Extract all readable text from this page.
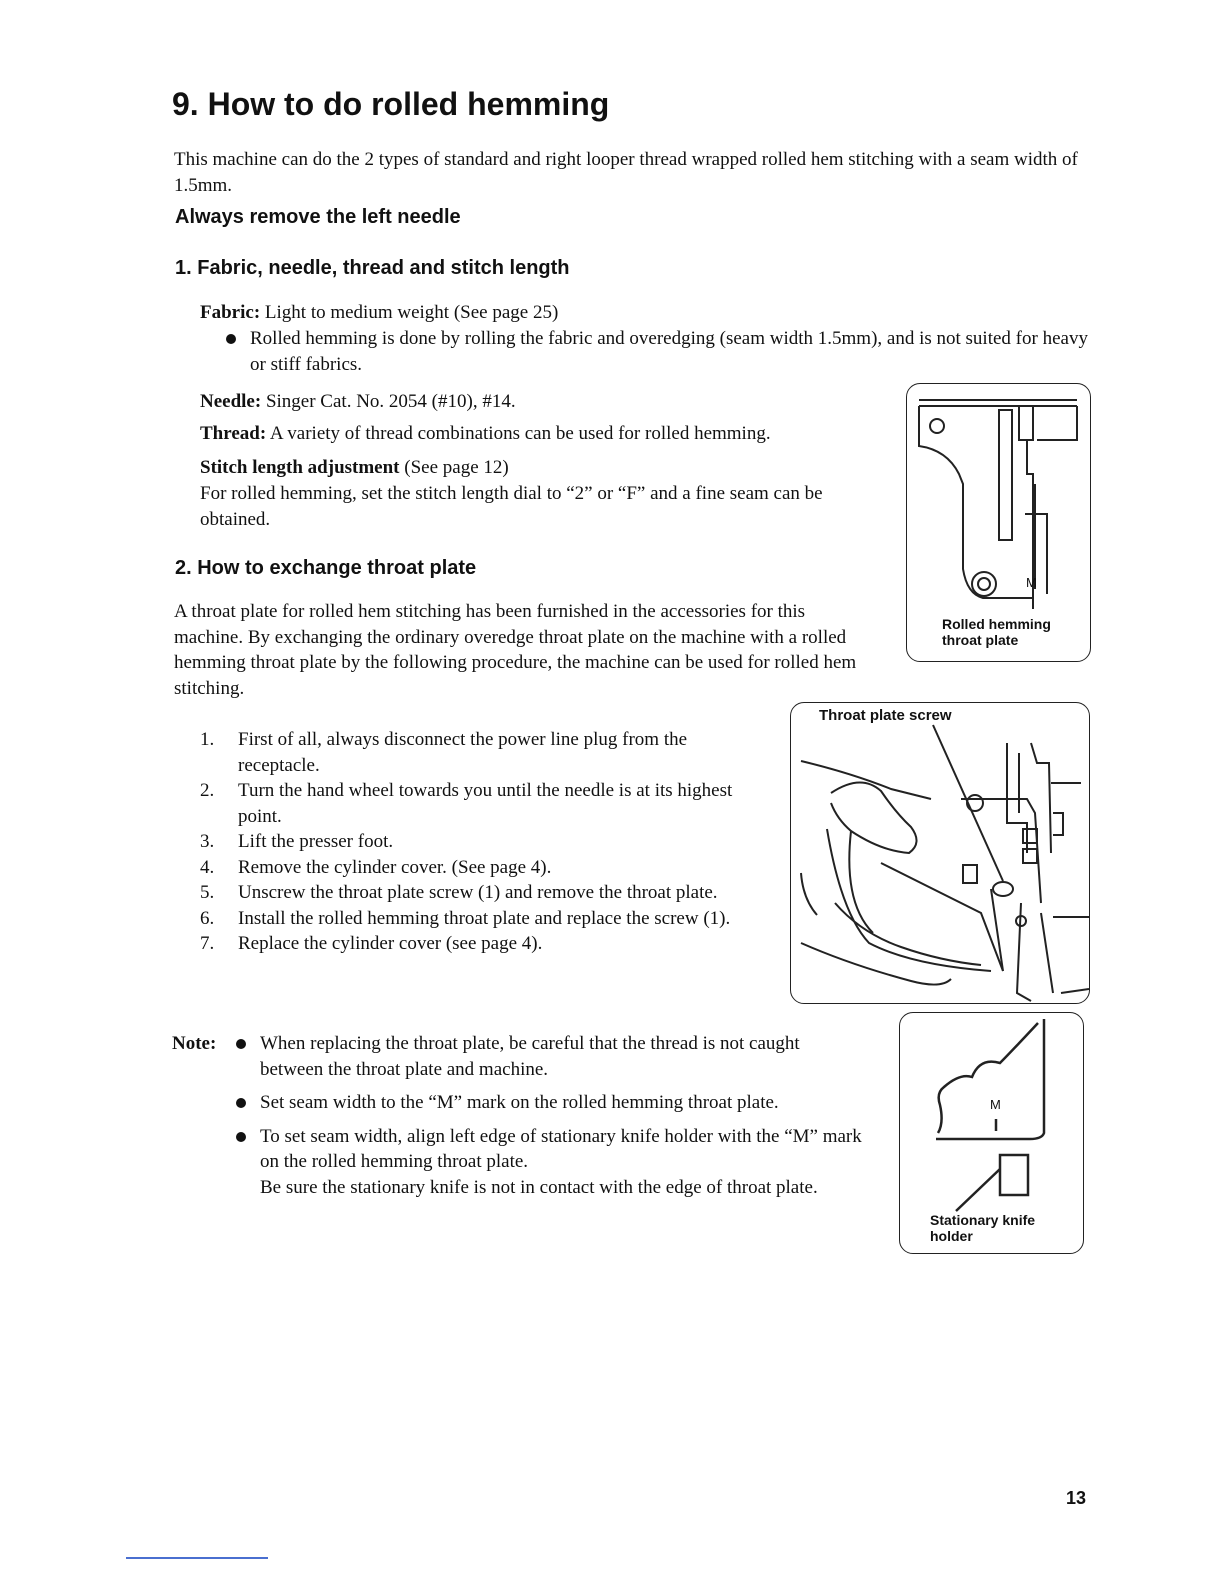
9. How to do rolled hemming
This machine can do the 2 types of standard and right looper thread wrapped rolled hem stitching with a seam width of 1.5mm.
Always remove the left needle
1. Fabric, needle, thread and stitch length
Fabric: Light to medium weight (See page 25)
Rolled hemming is done by rolling the fabric and overedging (seam width 1.5mm), and is not suited for heavy or stiff fabrics.
Needle: Singer Cat. No. 2054 (#10), #14.
Thread: A variety of thread combinations can be used for rolled hemming.
Stitch length adjustment (See page 12)
For rolled hemming, set the stitch length dial to “2” or “F” and a fine seam can be obtained.
2. How to exchange throat plate
A throat plate for rolled hem stitching has been furnished in the accessories for this machine. By exchanging the ordinary overedge throat plate on the machine with a rolled hemming throat plate by the following procedure, the machine can be used for rolled hem stitching.
1. First of all, always disconnect the power line plug from the receptacle.
2. Turn the hand wheel towards you until the needle is at its highest point.
3. Lift the presser foot.
4. Remove the cylinder cover. (See page 4).
5. Unscrew the throat plate screw (1) and remove the throat plate.
6. Install the rolled hemming throat plate and replace the screw (1).
7. Replace the cylinder cover (see page 4).
Note:	When replacing the throat plate, be careful that the thread is not caught between the throat plate and machine.
Set seam width to the “M” mark on the rolled hemming throat plate.
To set seam width, align left edge of stationary knife holder with the “M” mark on the rolled hemming throat plate.
Be sure the stationary knife is not in contact with the edge of throat plate.
M
Rolled hemming
throat plate
Throat plate screw
M
Stationary knife
holder
13
